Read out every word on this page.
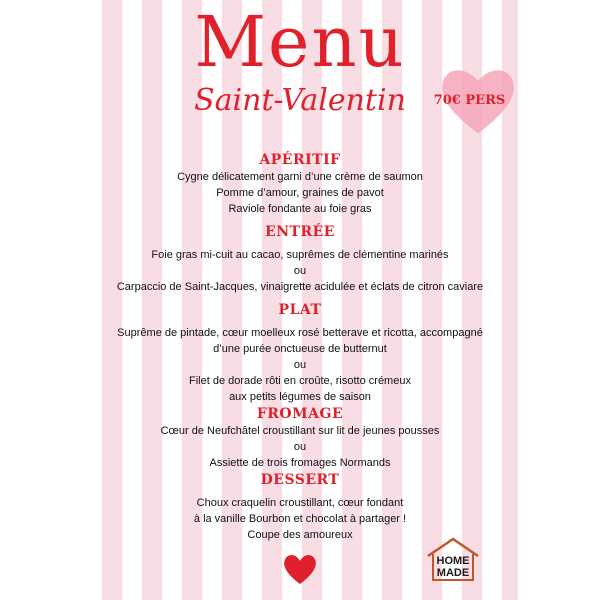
Menu
Saint-Valentin	70€ PERS
APÉRITIF
Cygne délicatement garni d’une crème de saumon
Pomme d’amour, graines de pavot
Raviole fondante au foie gras
ENTRÉE
Foie gras mi-cuit au cacao, suprêmes de clémentine marinés
ou
Carpaccio de Saint-Jacques, vinaigrette acidulée et éclats de citron caviare
PLAT
Suprême de pintade, cœur moelleux rosé betterave et ricotta, accompagné
d’une purée onctueuse de butternut
ou
Filet de dorade rôti en croûte, risotto crémeux
aux petits légumes de saison
FROMAGE
Cœur de Neufchâtel croustillant sur lit de jeunes pousses
ou
Assiette de trois fromages Normands
DESSERT
Choux craquelin croustillant, cœur fondant
à la vanille Bourbon et chocolat à partager !
Coupe des amoureux
HOME
MADE
